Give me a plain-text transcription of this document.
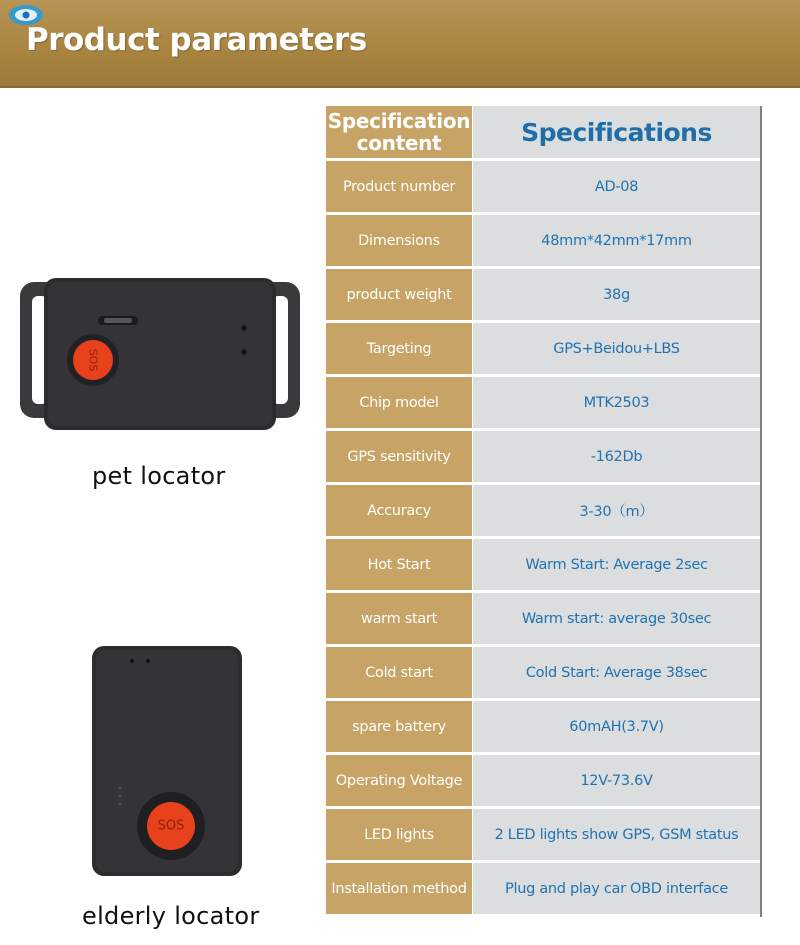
Product parameters
Specification content	Specifications
Product number	AD-08
Dimensions	48mm*42mm*17mm
product weight	38g
Targeting	GPS+Beidou+LBS
Chip model	MTK2503
GPS sensitivity	-162Db
Accuracy	3-30（m）
Hot Start	Warm Start: Average 2sec
warm start	Warm start: average 30sec
Cold start	Cold Start: Average 38sec
spare battery	60mAH(3.7V)
Operating Voltage	12V-73.6V
LED lights	2 LED lights show GPS, GSM status
Installation method	Plug and play car OBD interface
SOS
pet locator
SOS
elderly locator
